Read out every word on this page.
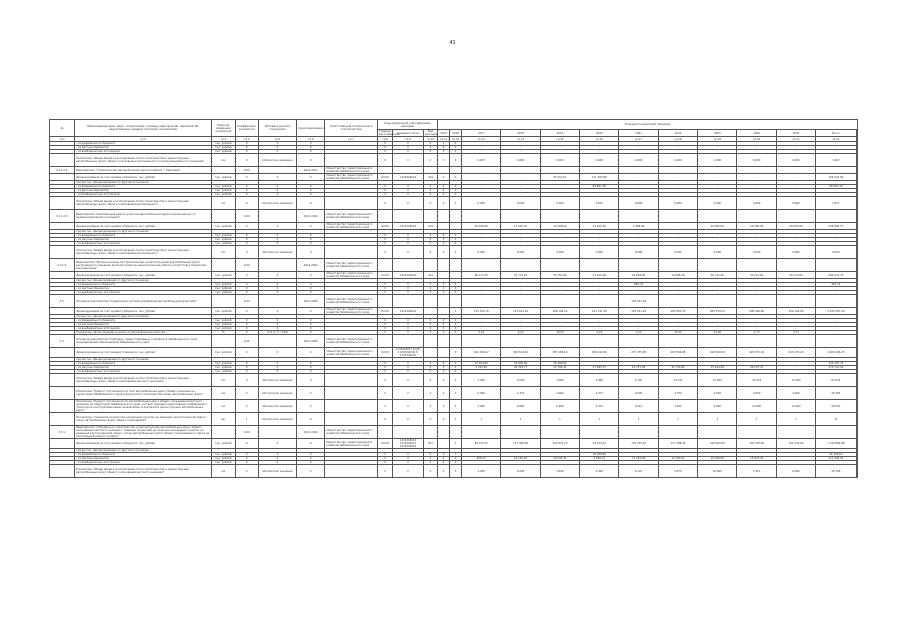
41
№	Наименование цели, задач, подпрограмм, основных мероприятий, мероприятий, ведомственных целевых программ, показателей	Единица измерения показателя	Коэффициент значимости	Методика расчета показателя	Сроки реализации	Ответственный исполнитель и соисполнители	Коды бюджетной классификации расходов			Значения показателей (объемов)												
							Главный распорядитель	Целевая статья	Вид расходов	2015	2016	2017	2018	2019	2020	2021	2022	2023	2024	2025	Итого	
гр.1	гр.2	гр.3	гр.4	гр.5	гр.6	гр.7	гр.8	гр.9	гр.10	гр.11	гр.12	гр.13	гр.14	гр.15	гр.16	гр.17	гр.18	гр.19	гр.20	гр.21	гр.22	
	- из федерального бюджета	тыс. рублей	Х	Х	Х		Х	Х	Х	Х	Х	-	-	-	-	-	-	-	-	-	-	
	- из местных бюджетов	тыс. рублей	Х	Х	Х		Х	Х	Х	Х	Х	-	-	-	-	-	-	-	-	-	-	
	- из внебюджетных источников	тыс. рублей	Х	Х	Х		Х	Х	Х	Х	Х	-	-	-	-	-	-	-	-	-	-	
	Показатель "Объем ввода в эксплуатацию после строительства и реконструкции автомобильных дорог общего пользования регионального и межмуниципального значения"	км	Х	Абсолютное значение	Х		Х	Х	Х	Х	Х	0,067	0,000	0,000	0,000	0,000	0,000	1,000	0,000	0,000	1,067	
3.1.1.2.2.	Мероприятие "Строительство автомобильной дороги Чайкино с. Карповка"		0,00		2016-2017	Министерство территориального развития Забайкальского края																
	финансирование за счет краевого бюджета, тыс. рублей	тыс. рублей	Х	Х	Х	Министерство территориального развития Забайкальского края	04 09	1134304014	414	Х	Х	-	-	55 214,01	111 305,89	-	-	-	-	-	166 519,90	
	прочие тыс. финансирования по другим источникам																					
	- из федерального бюджета	тыс. рублей	Х	Х	Х		Х	Х	Х	Х	Х	-	-	-	89 881,38	-	-	-	-	-	89 881,38	
	- из местных бюджетов	тыс. рублей	Х	Х	Х		Х	Х	Х	Х	Х	-	-	-	-	-	-	-	-	-	-	
	- из внебюджетных источников	тыс. рублей	Х	Х	Х		Х	Х	Х	Х	Х	-	-	-	-	-	-	-	-	-	-	
	Показатель "Объем ввода в эксплуатацию после строительства и реконструкции автомобильных дорог общего пользования регионального"	км	Х	Абсолютное значение	Х		Х	Х	Х	Х	Х	0,000	0,000	0,000	5,871	0,000	0,000	0,000	0,000	0,000	5,871	
3.1.1.2.3.	Мероприятие "Капитальный ремонт участков автомобильной дороги регионального и межмуниципального значения"		0,00		2014-2022	Министерство территориального развития Забайкальского края																
	финансирование за счет краевого бюджета, тыс. рублей	тыс. рублей	Х	Х	Х	Министерство территориального развития Забайкальского края	04 09	1134304014	414			30 026,90	15 602,70	10 258,60	10 245,39	2 568,00	-	20 000,00	20 000,00	20 000,00	208 985,77	
	прочие тыс. финансирования по другим источникам																					
	- из федерального бюджета	тыс. рублей	Х	Х	Х		Х	Х	Х	Х	Х	-	-	-	-	-	-	-	-	-	-	
	- из местных бюджетов	тыс. рублей	Х	Х	Х		Х	Х	Х	Х	Х	-	-	-	-	-	-	-	-	-	-	
	- из внебюджетных источников	тыс. рублей	Х	Х	Х		Х	Х	Х	Х	Х	-	-	-	-	-	-	-	-	-	-	
	Показатель "Объем ввода в эксплуатацию после строительства и реконструкции автомобильных дорог общего пользования регионального"	км	Х	Абсолютное значение	Х		Х	Х	Х	Х	Х	0,000	0,000	0,000	0,000	0,000	0,000	0,000	0,000	0,000	0,000	
3.1.1.3.	Мероприятие "Прочие расходы на строительство и реконструкцию автомобильных дорог регионального значения, включая проектно-изыскательские работы и подготовку проектной документации"		0,00		2014-2022	Министерство территориального развития Забайкальского края																
	финансирование за счет краевого бюджета, тыс. рублей	тыс. рублей	Х	Х	Х	Министерство территориального развития Забайкальского края	04 09	1134304014	414			66 117,45	21 774,34	35 151,80	31 155,48	19 838,90	14 468,18	30 711,00	30 712,00	30 713,00	280 574,75	
	прочие тыс. финансирования по другим источникам																					
	- из федерального бюджета	тыс. рублей	Х	Х	Х		Х	Х	Х	Х	Х	-	-	-	-	962,74	-	-	-	-	962,74	
	- из местных бюджетов	тыс. рублей	Х	Х	Х		Х	Х	Х	Х	Х	-	-	-	-	-	-	-	-	-	-	
	- из внебюджетных источников	тыс. рублей	Х	Х	Х		Х	Х	Х	Х	Х	-	-	-	-	-	-	-	-	-	-	
3.2.	Основное мероприятие "Содержание системы управления автомобильными дорогами"		0,04		2014-2022	Министерство территориального развития Забайкальского края										152 031,26						
	финансирование за счет краевого бюджета, тыс. рублей	тыс. рублей	Х	Х	Х	Министерство территориального развития Забайкальского края	04 09	1134304014			Х	170 342,70	153 261,29	188 190,50	163 131,28	152 031,26	265 991,33	205 379,22	208 326,60	220 126,00	2 012 567,20	
	прочие тыс. финансирования по другим источникам																					
	- из федерального бюджета	тыс. рублей	Х	Х	Х		Х	Х	Х	Х	Х	-	-	-	-	-	-	-	-	-	-	
	- из местных бюджетов	тыс. рублей	Х	Х	Х		Х	Х	Х	Х	Х	-	-	-	-	-	-	-	-	-	-	
	- из внебюджетных источников	тыс. рублей	Х	Х	Х		Х	Х	Х	Х	Х	-	-	-	-	-	-	-	-	-	-	
	Показатель "Доля площади в целом по автомобильным дорогам..."	%	Х	Х (2-4 / 5 * 100)	Х		Х	Х	Х	Х	Х	0,24	0,22	16,93	2,22	3,24	13,22	13,00	2,73	3,17		
3.3.	Основное мероприятие "Субсидии, предоставляемые из бюджета Забайкальского края муниципальным образованиям Забайкальского края"		0,15		2014-2022	Министерство территориального развития Забайкальского края																
	финансирование за счет краевого бюджета, тыс. рублей	тыс. рублей	Х	Х	Х	Министерство территориального развития Забайкальского края	04 09	1134304017 (2)(3) 1134304014(7) 1134304021			Х	421 638,47	302 814,46	387 486,16	282 442,66	277 275,85	467 866,88	493 000,00	424 372,29	424 372,29	4 009 206,33	
	прочие тыс. финансирования по другим источникам																					
	- из федерального бюджета	тыс. рублей	Х	Х	Х		Х	Х	Х	Х	Х	21 929,90	56 800,00	16 368,82	-	-	-	-	-	-	135 397,79	
	- из местных бюджетов	тыс. рублей	Х	Х	Х		Х	Х	Х	Х	Х	2 293,82	29 329,77	22 796,41	17 895,75	12 757,05	32 719,84	15 624,95	46 237,37	-	179 131,41	
	- из внебюджетных источников	тыс. рублей	Х	Х	Х		Х	Х	Х	Х	Х	-	-	-	-	-	-	-	-	-	-	
	Показатель "Объем ввода в эксплуатацию после строительства и реконструкции автомобильных дорог общего пользования местного значения"	км	Х	Абсолютное значение	Х		Х	Х	Х	Х	Х	1,000	2,020	3,066	4,460	4,197	13,741	11,000	10,313	11,000	61,014	
	Показатель "Прирост протяженности сети автомобильных дорог общего значения на территории Забайкальского края в результате строительства новых автомобильных дорог"	км	Х	Абсолютное значение	Х		Х	Х	Х	Х	Х	0,000	1,473	2,066	3,473	0,000	3,750	3,000	2,000	4,000	25,364	
	Показатель "Прирост протяженности автомобильных дорог общего пользования местного значения на территории Забайкальского края, соответствующих нормативным требованиям к транспортно-эксплуатационным показателям, в результате реконструкции автомобильных дорог"	км	Х	Абсолютное значение	Х		Х	Х	Х	Х	Х	1,000	0,820	0,999	3,707	4,510	3,402	6,000	10,000	11,000	58,632	
	Показатель "Снижение количества населенных пунктов, не имеющих круглогодичной связи с сетью автомобильных дорог общего пользования"	ед.	1	Абсолютное значение	Х		Х	Х	Х	Х	Х	1	1	1	1	2	1	1	1	1	11	
3.3.1.	Мероприятие "Субсидии на строительство и реконструкцию автомобильных дорог общего пользования местного значения с твердым покрытием до сельских населенных пунктов, не имеющих круглогодичной связи с сетью автомобильных дорог общего пользования, а также их капитальный ремонт и ремонт"		0,00		2014-2022	Министерство территориального развития Забайкальского края																
	финансирование за счет краевого бюджета, тыс. рублей	тыс. рублей	Х	Х	Х	Министерство территориального развития Забайкальского края	04 09	1134304014 1134304017 1025038010	521		Х	89 225,33	177 388,00	130 941,70	35 159,45	179 705,20	117 398,04	160 000,00	102 376,00	102 376,00	1 144 804,88	
	прочие тыс. финансирования по другим источникам																					
	- из федерального бюджета	тыс. рублей	Х	Х	Х		Х	Х	Х	Х	Х	-	-	-	16 368,82	-	-	-	-	-	42 309,60	
	- из местных бюджетов	тыс. рублей	Х	Х	Х		Х	Х	Х	Х	Х	658,37	10 150,20	19 034,31	9 826,27	11 145,08	12 703,61	16 026,05	15 937,25	-	117 492,19	
	- из внебюджетных источников	тыс. рублей	Х	Х	Х		Х	Х	Х	Х	Х	-	-	-	-	-	-	-	-	-	-	
	Показатель "Объем ввода в эксплуатацию после строительства и реконструкции автомобильных дорог общего пользования местного значения"	км	Х	Абсолютное значение	Х		Х	Х	Х	Х	Х	1,000	4,000	3,466	4,460	4,197	2,270	10,000	7,313	8,000	45,708	
